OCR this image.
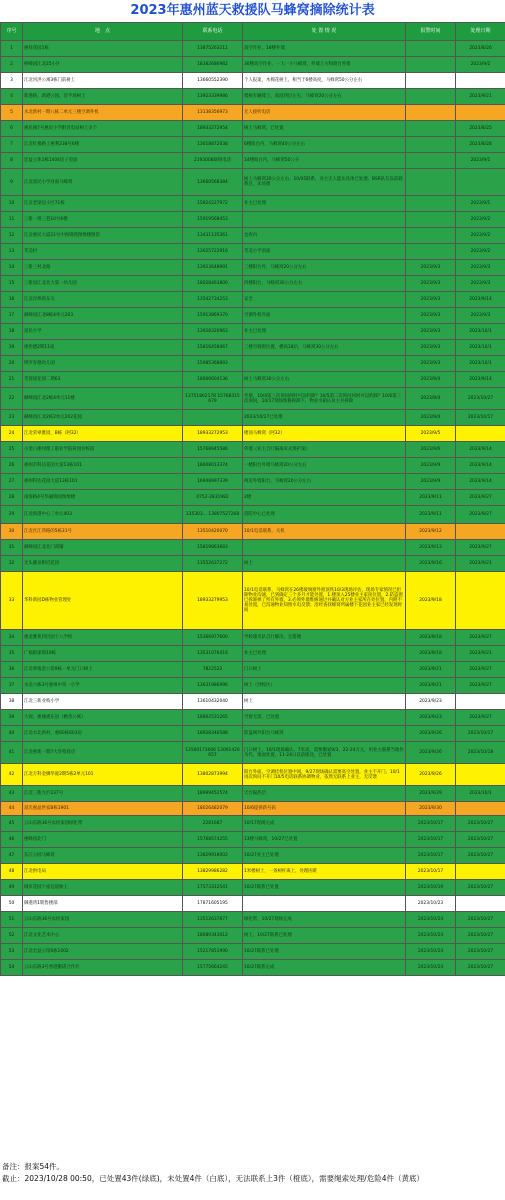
2023年惠州蓝天救援队马蜂窝摘除统计表
序号	地　点	联系电话	处 置 情 况	报警时间	处理日期
1	惠祥花园1栋	13875263211	高空作业，18楼外墙		2023/8/26
2	桥峰园江北25小区	18382686982	30楼高空作业，一大一小马蜂窝，外墙上方和窗台外墙		2023/9/2
3	江北河洪公寓3栋门前树上	13660552390	个人报案，木棉花树上，相当于6楼高度，马蜂窝50公分左右		
4	新港路，新港公园，洋半场树上	13923339986	爬树车辆爬上，高度四层左右，马蜂窝20公分左右		2023/9/21
5	水北新村一期八栋二单元三楼空调外机	13138356973	无人接听电话		
6	惠民阁7号惠民小学附近电站树上多个	18933272954	树上马蜂窝，已处置		2023/8/25
7	江北红棉路上惠利238号6楼	13018872038	6楼阳台内，马蜂窝40公分左右		2023/8/28
8	宏益立体1栋1404房子里面	2193008联络电话	14楼阳台内，马蜂窝50公分		2023/9/1
9	江北富民小学对面马蜂窝	13660568384	树上马蜂窝20公分左右；10/05联系，业主无人能认具体已处理，BSR队友以前联系过，未处理		
10	江北老梁房小区71栋	15824227972	业主已处理		2023/9/1
11	三新一组三巷10号6楼	15919568453			2023/9/2
12	江北惠民大道21号中海锦苑图像楼图馆	13431135361	仓库内		2023/9/2
13	芙美村	13025722916	芙美小学前面		2023/9/2
14	三新三村北路	13923648991	三楼阳台外，马蜂窝20公分左右	2023/9/3	2023/9/3
15	三新园江北北大第一幼儿园	18028463800	四楼阳台，马蜂窝30公分左右	2023/9/3	2023/9/3
16	江北岸埠新东关	13542734253	安全	2023/9/3	2023/9/14
17	赫峰园江北8栋4单元203	15913869370	空调外机外面	2023/9/3	2023/9/3
18	富民小学	13928320963	业主已处理	2023/9/3	2023/10/1
19	惠伦德2期11座	15816458467	三楼空调窗位置，楼高18层，马蜂窝30公分左右	2023/9/3	2023/10/1
20	博罗育德幼儿园	15985368893		2023/9/3	2023/10/1
21	芙蓉园花园二期63	18666604136	树上马蜂窝30公分左右	2023/9/4	2023/9/14
22	赫峰园江北2栋4单元11楼	13751862178 15768315679	外墙，10/4第三次询问何时可以约除？10/5第二次询问何时可以约除？10/6第三次询问，10/17现场维修拆卸下，物业水箱认业主并拆除	2023/9/4	2023/10/27
23	赫峰园江北2栋2单元202花园		2023/10/27已处理	2023/9/4	2023/10/17
24	江北荣翠雅园，B栋（阿32）	18933272953	楼顶马蜂窝（阿32）	2023/9/5	
25	小金口惠州理工职业学院荷园旁校道	15768945586	外墙（业主自行隔离床式保护案）	2023/9/6	2023/9/14
26	惠州市科达花园大道13栋101	18608013374	一楼阳台外墙马蜂窝20公分左右	2023/9/9	2023/9/14
27	惠州科达花园大道13栋101	16948997339	两房外墙阳台，马蜂窝20公分左右	2023/9/9	2023/9/14
28	南海路4号华融锦园图像楼	0752-2831982	2楼	2023/9/11	2023/9/27
29	江北新港中心三单元403	135303… 13807527268	消防中心已处理	2023/9/11	2023/9/27
30	江北区江湾路的5栋31号	13510420070	10/1电话联系，关机	2023/9/12	
31	赫峰园江北北门商铺	15819863683		2023/9/13	2023/9/27
32	光头藤泉附近花园	13552637272	树上	2023/9/16	2023/9/21
33	华科新园D栋物业管理处	18933279953	10/1电话联系，马蜂窝在26楼玻璃窗外窗顶铁10/3现场评估，现场专家情况已拒除物业沟通，已到确定三个多月才能处置，1.楼顶入25楼业主家顶位置，2.防盗窗已拆卸掉了所有外墙，3.必须外墙维修通过并确认对方业主家所在处位置，内附不易处置，已沟通物业知照水电反馈；沿经查找蜂窝所属楼下花园业主家已经发现时间	2023/9/18	
34	惠龙雅苑四层园十八学校	15366977600	学校墙夹队自行解决，无搭理	2023/9/18	2023/9/27
35	广福街深锦10栋	13531076416	业主已处理	2023/9/18	2023/9/21
36	江北翠逸金公馆9栋一单元门口树上	7822522	门口树上	2023/9/21	2023/9/27
37	水北六栋3号惠州中英一小学	13631986996	树上（到校区）	2023/9/21	2023/9/27
38	江北三新业购小学	13610432040	树上	2023/9/23	
39	大观，惠城惠东县（精善公寓）	18802531265	空窗无需，已处置	2023/9/23	2023/9/27
40	江北水北新村，惠60栋603房	18928346588	防盗网外阳台马蜂窝	2023/9/26	2023/10/17
41	江北惠新一期7大华苑商店	13500173006 13091420657	门口树上，10/1现场确认，7米高，需要搬家9/3，22-24万元，用业主联系当地作为代，地面处置，11-24日以前推送，已处置	2023/9/26	2023/10/18
42	江北万科金狮华庭2期5栋2单元101	13802873994	阳台外面，空调挂机位置中间，9/27现场确认需要高空处置，业主不开门，10/1再次询问不开门10/5电话联系协调物业，依然无联系上业主，无反馈	2023/9/26	
43	江北三新九栏237号	18999452574	天台隔热层	2023/9/29	2023/10/1
44	富光惠晶世家B栋1901	18026482079	10/6提供新号码	2023/9/30	
45	云山东路36号农机家园绿化带	2281687	10/17现场完成	2023/10/17	2023/10/27
46	惠峰园北门	15768574255	13楼马蜂窝，10/27已处置	2023/10/17	2023/10/27
47	东江公园马蜂窝	13829918002	10/27业主已处理	2023/10/17	2023/10/27
48	江北供电局	13829986282	1米楼树上，一条树杆离上，处理困难	2023/10/17	
49	城市花园十座边道树上	17573312541	10/27联系已处置	2023/10/19	2023/10/27
50	御港湾1期售楼部	17871605195		2023/10/23	
51	云山东路36号农机家园	13512637877	绿化带，10/27现场完成	2023/10/24	2023/10/27
52	江北文化艺术中心	18689343012	树上，10/27联系已处理	2023/10/24	2023/10/27
53	江北宏益公馆6栋1002	15217851990	10/27联系已处理	2023/10/24	2023/10/27
54	云山东路3号香港傲诺合作社	15775664245	10/27联系完成	2023/10/24	2023/10/27
备注：报案54件。
截止：2023/10/28 00:50，已处置43件(绿底)，未处置4件（白底），无法联系上3件（橙底），需要绳索处理/危险4件（黄底）
XIZI
